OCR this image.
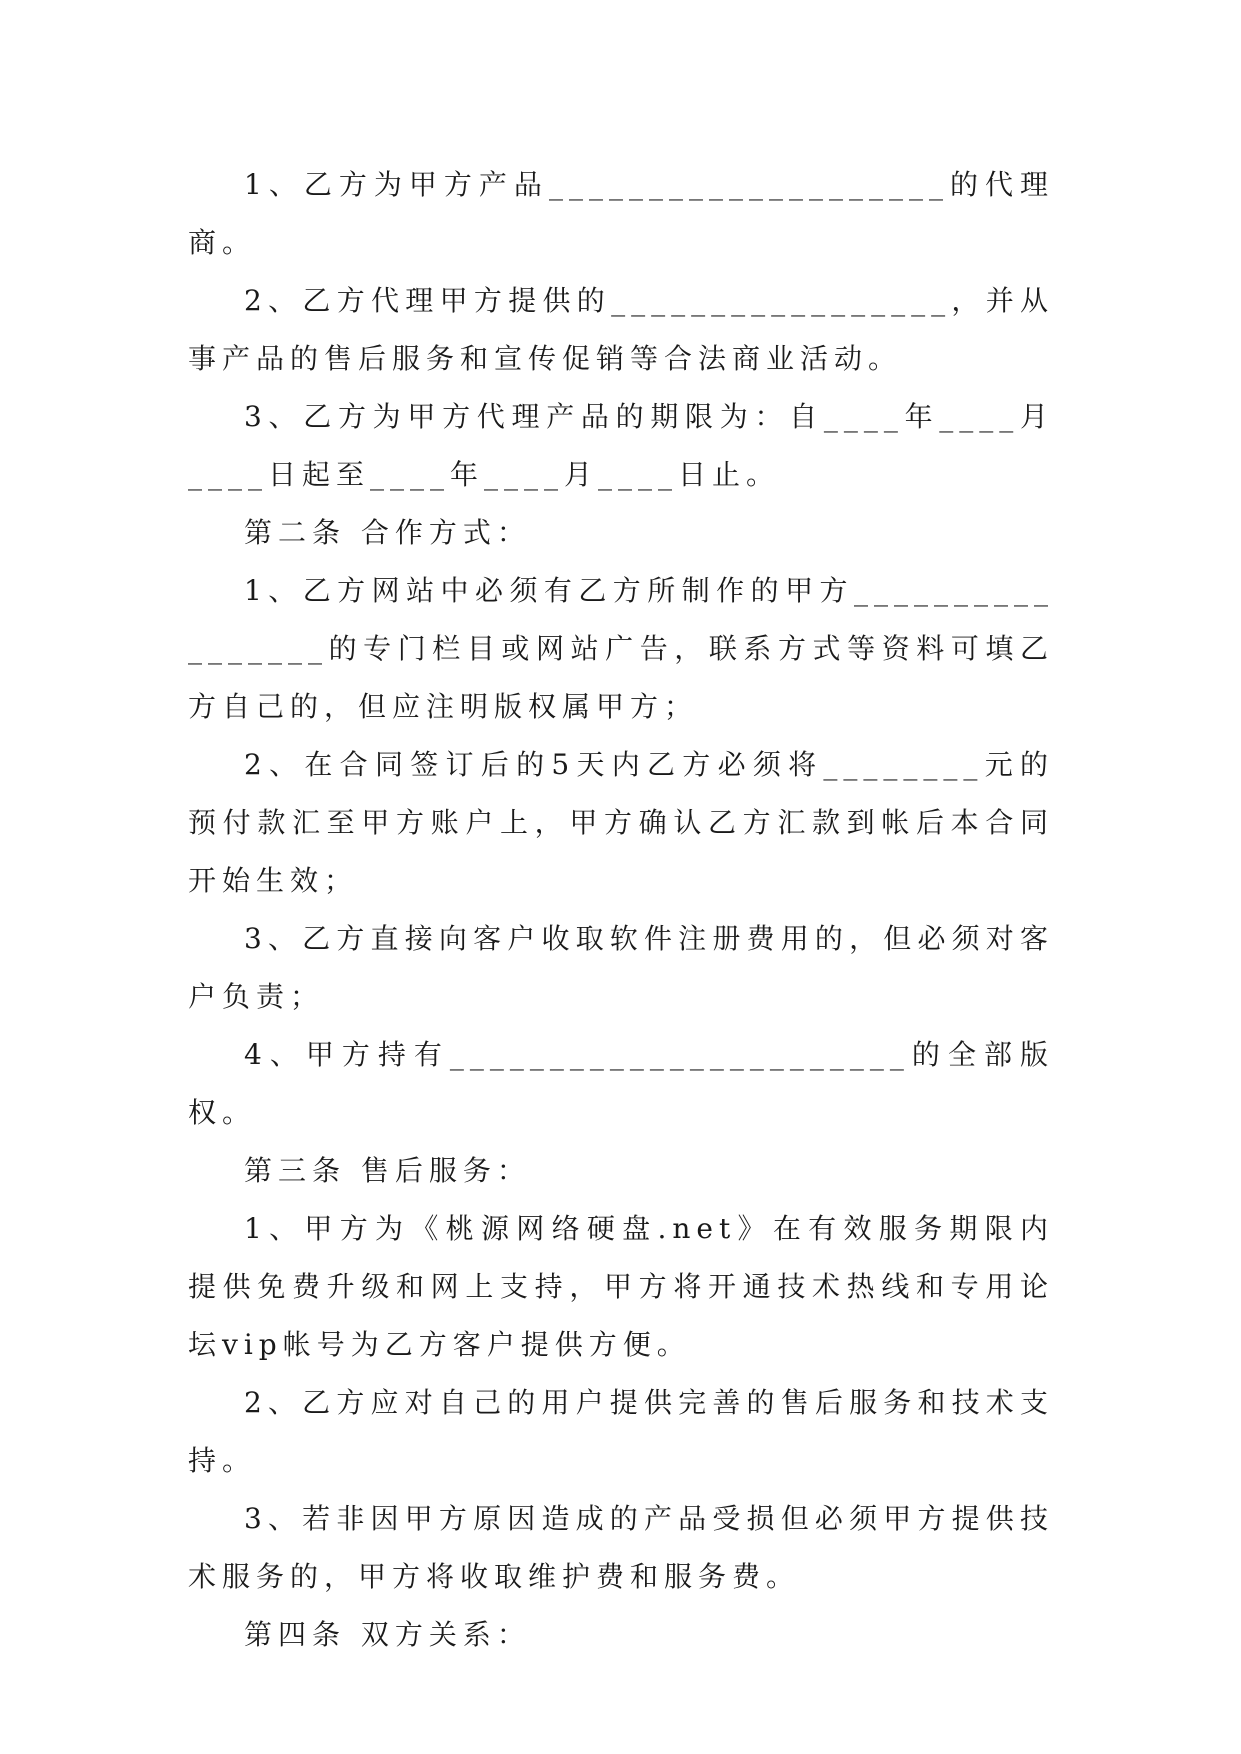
1、乙方为甲方产品____________________的代理商。

2、乙方代理甲方提供的_________________，并从事产品的售后服务和宣传促销等合法商业活动。

3、乙方为甲方代理产品的期限为：自____年____月____日起至____年____月____日止。

第二条 合作方式：

1、乙方网站中必须有乙方所制作的甲方_________________的专门栏目或网站广告，联系方式等资料可填乙方自己的，但应注明版权属甲方；

2、在合同签订后的5天内乙方必须将________元的预付款汇至甲方账户上，甲方确认乙方汇款到帐后本合同开始生效；

3、乙方直接向客户收取软件注册费用的，但必须对客户负责；

4、甲方持有_______________________的全部版权。

第三条 售后服务：

1、甲方为《桃源网络硬盘.net》在有效服务期限内提供免费升级和网上支持，甲方将开通技术热线和专用论坛vip帐号为乙方客户提供方便。

2、乙方应对自己的用户提供完善的售后服务和技术支持。

3、若非因甲方原因造成的产品受损但必须甲方提供技术服务的，甲方将收取维护费和服务费。

第四条 双方关系：
